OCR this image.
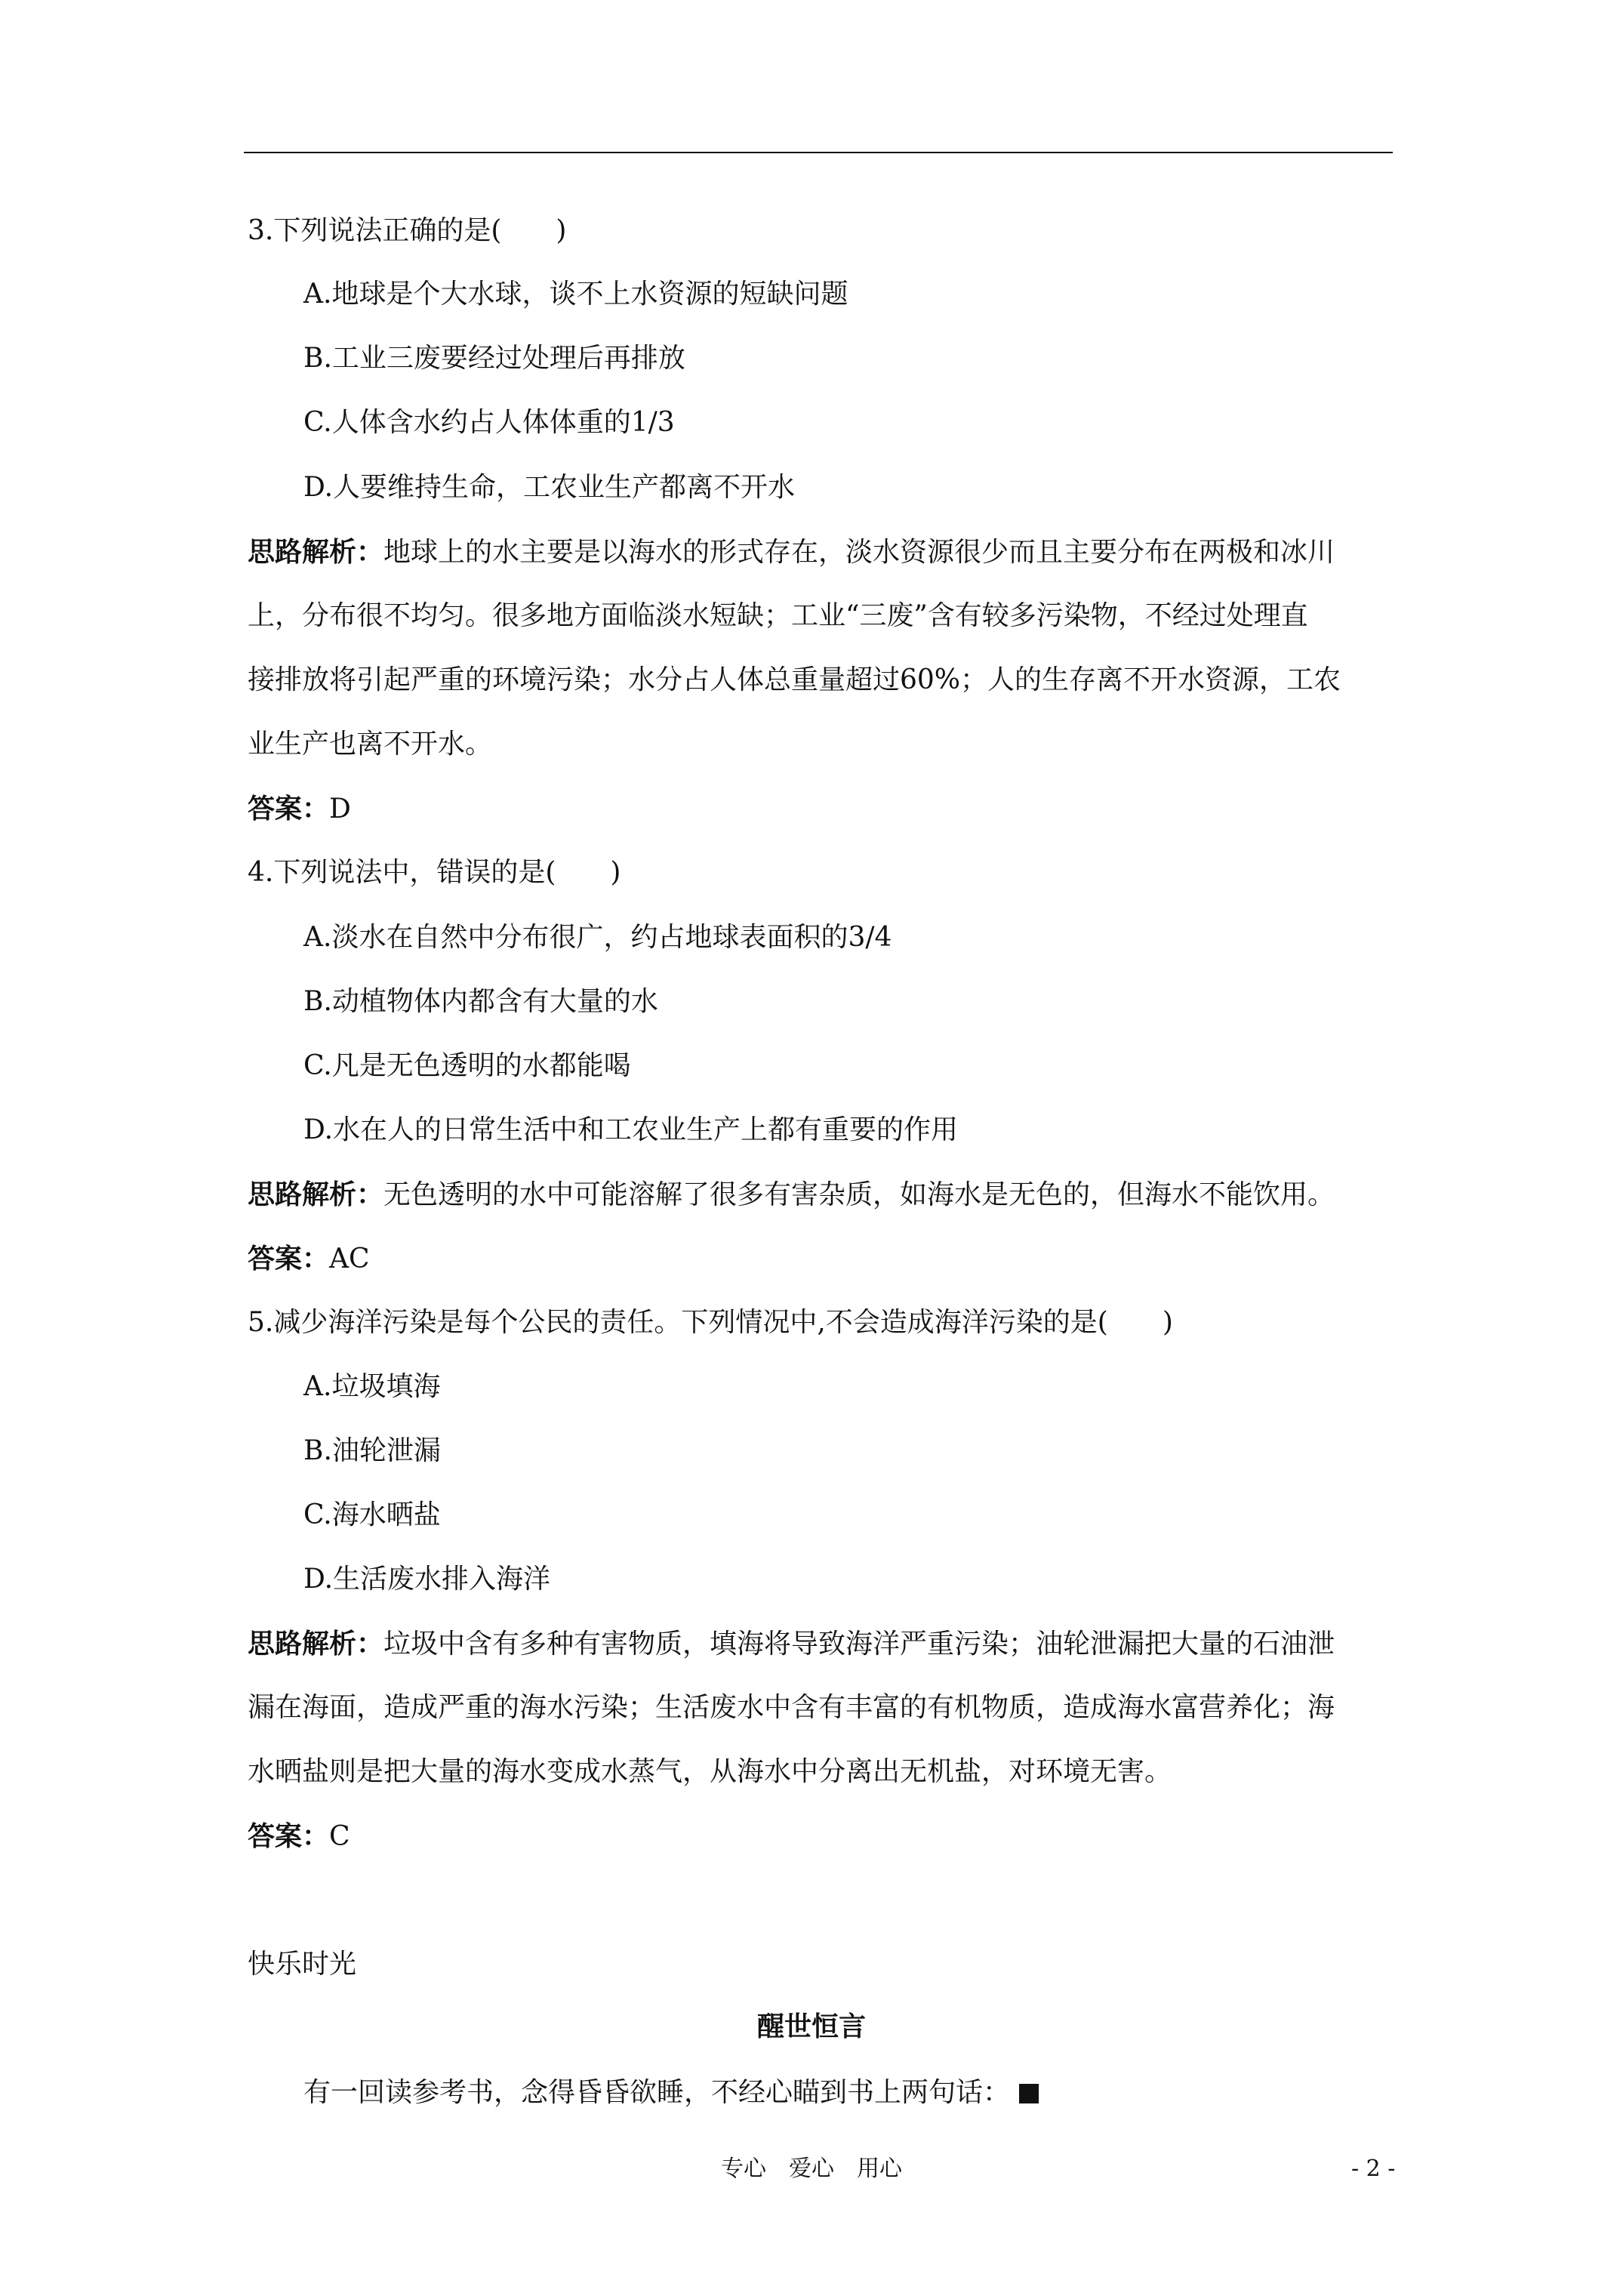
3.下列说法正确的是(　　)
A.地球是个大水球，谈不上水资源的短缺问题
B.工业三废要经过处理后再排放
C.人体含水约占人体体重的1/3
D.人要维持生命，工农业生产都离不开水
思路解析：地球上的水主要是以海水的形式存在，淡水资源很少而且主要分布在两极和冰川
上，分布很不均匀。很多地方面临淡水短缺；工业“三废”含有较多污染物，不经过处理直
接排放将引起严重的环境污染；水分占人体总重量超过60%；人的生存离不开水资源，工农
业生产也离不开水。
答案：D
4.下列说法中，错误的是(　　)
A.淡水在自然中分布很广，约占地球表面积的3/4
B.动植物体内都含有大量的水
C.凡是无色透明的水都能喝
D.水在人的日常生活中和工农业生产上都有重要的作用
思路解析：无色透明的水中可能溶解了很多有害杂质，如海水是无色的，但海水不能饮用。
答案：AC
5.减少海洋污染是每个公民的责任。下列情况中,不会造成海洋污染的是(　　)
A.垃圾填海
B.油轮泄漏
C.海水晒盐
D.生活废水排入海洋
思路解析：垃圾中含有多种有害物质，填海将导致海洋严重污染；油轮泄漏把大量的石油泄
漏在海面，造成严重的海水污染；生活废水中含有丰富的有机物质，造成海水富营养化；海
水晒盐则是把大量的海水变成水蒸气，从海水中分离出无机盐，对环境无害。
答案：C
快乐时光
醒世恒言
有一回读参考书，念得昏昏欲睡，不经心瞄到书上两句话：
专心　爱心　用心	- 2 -
